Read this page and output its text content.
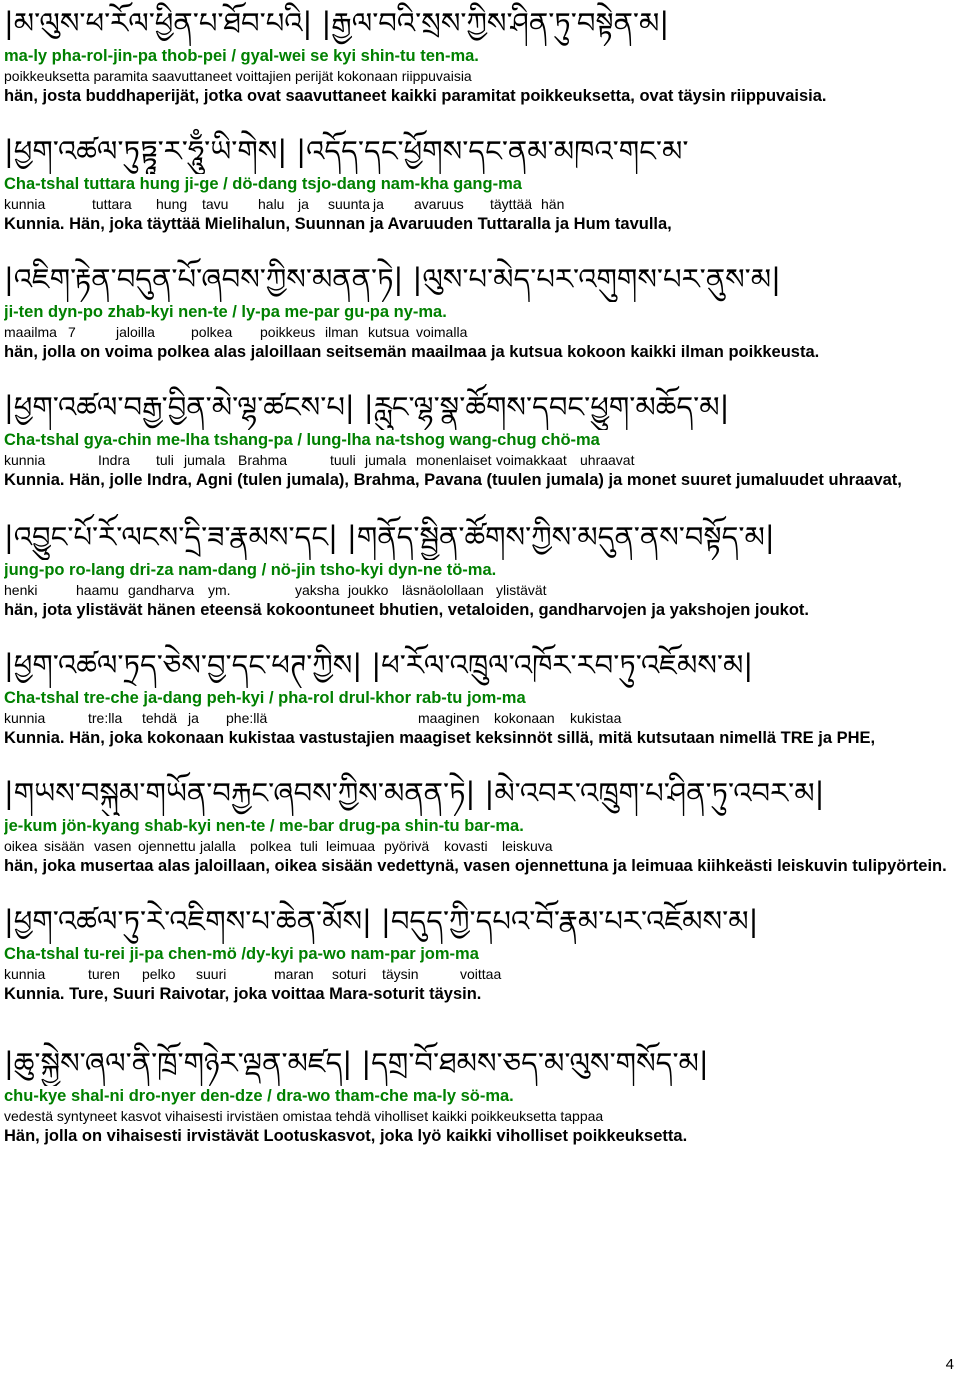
|མ་ལུས་ཕ་རོལ་ཕྱིན་པ་ཐོབ་པའི| |རྒྱལ་བའི་སྲས་ཀྱིས་ཤིན་ཏུ་བསྟེན་མ|
ma-ly pha-rol-jin-pa thob-pei / gyal-wei se kyi shin-tu ten-ma.
poikkeuksetta paramita saavuttaneet voittajien perijät kokonaan riippuvaisia
hän, josta buddhaperijät, jotka ovat saavuttaneet kaikki paramitat poikkeuksetta, ovat täysin riippuvaisia.
|ཕྱག་འཚལ་ཏུཏྟཱ་ར་ཧཱུྃ་ཡི་གེས| |འདོད་དང་ཕྱོགས་དང་ནམ་མཁའ་གང་མ་
Cha-tshal tuttara hung ji-ge / dö-dang tsjo-dang nam-kha gang-ma
kunnia	tuttara hung tavu halu ja suunta ja avaruus täyttää hän
Kunnia. Hän, joka täyttää Mielihalun, Suunnan ja Avaruuden Tuttaralla ja Hum tavulla,
|འཇིག་རྟེན་བདུན་པོ་ཞབས་ཀྱིས་མནན་ཏེ| |ལུས་པ་མེད་པར་འགུགས་པར་ནུས་མ|
ji-ten dyn-po zhab-kyi nen-te / ly-pa me-par gu-pa ny-ma.
maailma 7	jaloilla	polkea poikkeus ilman kutsua voimalla
hän, jolla on voima polkea alas jaloillaan seitsemän maailmaa ja kutsua kokoon kaikki ilman poikkeusta.
|ཕྱག་འཚལ་བརྒྱ་བྱིན་མེ་ལྷ་ཚངས་པ| |རླུང་ལྷ་སྣ་ཚོགས་དབང་ཕྱུག་མཆོད་མ|
Cha-tshal gya-chin me-lha tshang-pa / lung-lha na-tshog wang-chug chö-ma
kunnia	Indra tuli jumala Brahma	tuuli jumala monenlaiset voimakkaat uhraavat
Kunnia. Hän, jolle Indra, Agni (tulen jumala), Brahma, Pavana (tuulen jumala) ja monet suuret jumaluudet uhraavat,
|འབྱུང་པོ་རོ་ལངས་དྲི་ཟ་རྣམས་དང| |གནོད་སྦྱིན་ཚོགས་ཀྱིས་མདུན་ནས་བསྟོད་མ|
jung-po ro-lang dri-za nam-dang / nö-jin tsho-kyi dyn-ne tö-ma.
henki	haamu gandharva ym.	yaksha joukko läsnäolollaan ylistävät
hän, jota ylistävät hänen eteensä kokoontuneet bhutien, vetaloiden, gandharvojen ja yakshojen joukot.
|ཕྱག་འཚལ་ཏྲད་ཅེས་བྱ་དང་ཕཊ་ཀྱིས| |ཕ་རོལ་འཁྲུལ་འཁོར་རབ་ཏུ་འཇོམས་མ|
Cha-tshal tre-che ja-dang peh-kyi / pha-rol drul-khor rab-tu jom-ma
kunnia	tre:lla tehdä ja phe:llä	maaginen kokonaan kukistaa
Kunnia. Hän, joka kokonaan kukistaa vastustajien maagiset keksinnöt sillä, mitä kutsutaan nimellä TRE ja PHE,
|གཡས་བསྐུམ་གཡོན་བརྐྱང་ཞབས་ཀྱིས་མནན་ཏེ| |མེ་འབར་འཁྲུག་པ་ཤིན་ཏུ་འབར་མ|
je-kum jön-kyang shab-kyi nen-te / me-bar drug-pa shin-tu bar-ma.
oikea sisään vasen ojennettu jalalla polkea tuli leimuaa pyörivä kovasti leiskuva
hän, joka musertaa alas jaloillaan, oikea sisään vedettynä, vasen ojennettuna ja leimuaa kiihkeästi leiskuvin tulipyörtein.
|ཕྱག་འཚལ་ཏུ་རེ་འཇིགས་པ་ཆེན་མོས| |བདུད་ཀྱི་དཔའ་བོ་རྣམ་པར་འཇོམས་མ|
Cha-tshal tu-rei ji-pa chen-mö /dy-kyi pa-wo nam-par jom-ma
kunnia	turen pelko suuri	maran soturi täysin	voittaa
Kunnia. Ture, Suuri Raivotar, joka voittaa Mara-soturit täysin.
|ཆུ་སྐྱེས་ཞལ་ནི་ཁྲོ་གཉེར་ལྡན་མཛད| |དགྲ་བོ་ཐམས་ཅད་མ་ལུས་གསོད་མ|
chu-kye shal-ni dro-nyer den-dze / dra-wo tham-che ma-ly sö-ma.
vedestä syntyneet kasvot vihaisesti irvistäen omistaa tehdä viholliset kaikki poikkeuksetta tappaa
Hän, jolla on vihaisesti irvistävät Lootuskasvot, joka lyö kaikki viholliset poikkeuksetta.
4
